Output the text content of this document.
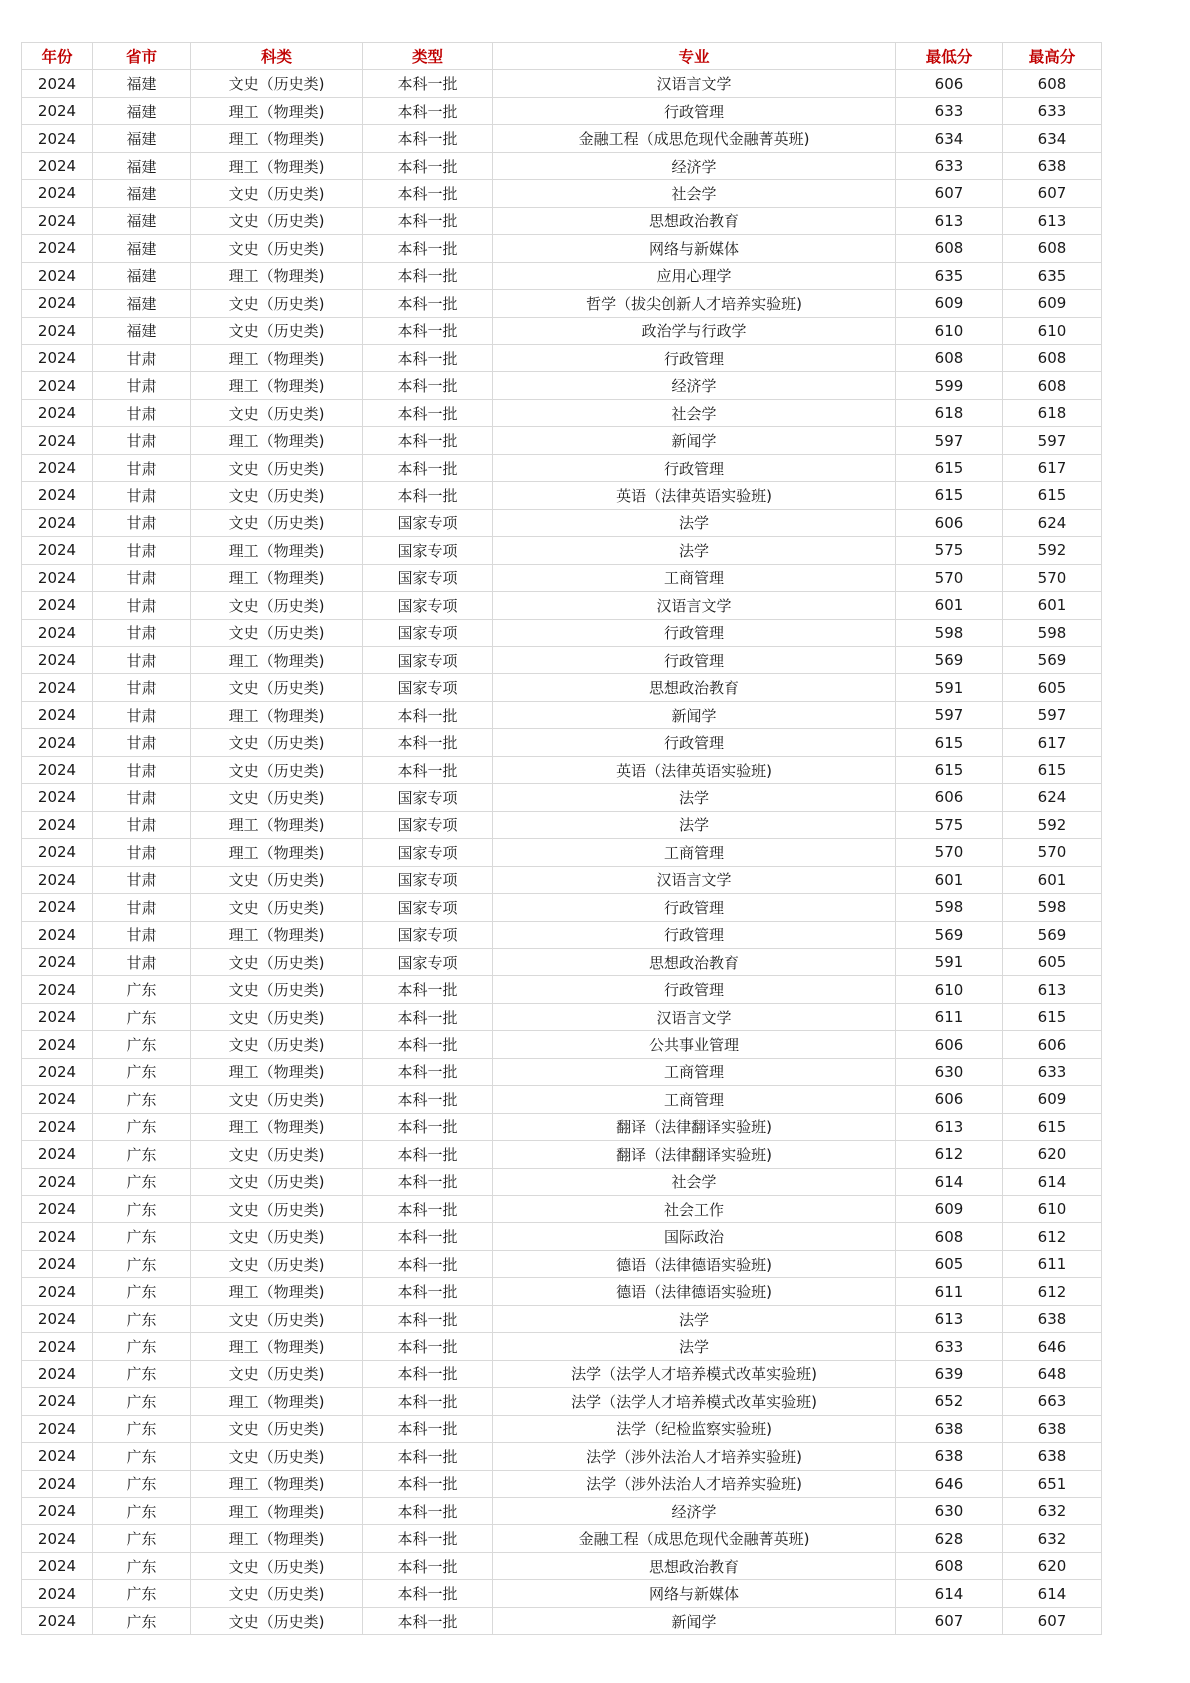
年份	省市	科类	类型	专业	最低分	最高分
2024	福建	文史（历史类)	本科一批	汉语言文学	606	608
2024	福建	理工（物理类)	本科一批	行政管理	633	633
2024	福建	理工（物理类)	本科一批	金融工程（成思危现代金融菁英班)	634	634
2024	福建	理工（物理类)	本科一批	经济学	633	638
2024	福建	文史（历史类)	本科一批	社会学	607	607
2024	福建	文史（历史类)	本科一批	思想政治教育	613	613
2024	福建	文史（历史类)	本科一批	网络与新媒体	608	608
2024	福建	理工（物理类)	本科一批	应用心理学	635	635
2024	福建	文史（历史类)	本科一批	哲学（拔尖创新人才培养实验班)	609	609
2024	福建	文史（历史类)	本科一批	政治学与行政学	610	610
2024	甘肃	理工（物理类)	本科一批	行政管理	608	608
2024	甘肃	理工（物理类)	本科一批	经济学	599	608
2024	甘肃	文史（历史类)	本科一批	社会学	618	618
2024	甘肃	理工（物理类)	本科一批	新闻学	597	597
2024	甘肃	文史（历史类)	本科一批	行政管理	615	617
2024	甘肃	文史（历史类)	本科一批	英语（法律英语实验班)	615	615
2024	甘肃	文史（历史类)	国家专项	法学	606	624
2024	甘肃	理工（物理类)	国家专项	法学	575	592
2024	甘肃	理工（物理类)	国家专项	工商管理	570	570
2024	甘肃	文史（历史类)	国家专项	汉语言文学	601	601
2024	甘肃	文史（历史类)	国家专项	行政管理	598	598
2024	甘肃	理工（物理类)	国家专项	行政管理	569	569
2024	甘肃	文史（历史类)	国家专项	思想政治教育	591	605
2024	甘肃	理工（物理类)	本科一批	新闻学	597	597
2024	甘肃	文史（历史类)	本科一批	行政管理	615	617
2024	甘肃	文史（历史类)	本科一批	英语（法律英语实验班)	615	615
2024	甘肃	文史（历史类)	国家专项	法学	606	624
2024	甘肃	理工（物理类)	国家专项	法学	575	592
2024	甘肃	理工（物理类)	国家专项	工商管理	570	570
2024	甘肃	文史（历史类)	国家专项	汉语言文学	601	601
2024	甘肃	文史（历史类)	国家专项	行政管理	598	598
2024	甘肃	理工（物理类)	国家专项	行政管理	569	569
2024	甘肃	文史（历史类)	国家专项	思想政治教育	591	605
2024	广东	文史（历史类)	本科一批	行政管理	610	613
2024	广东	文史（历史类)	本科一批	汉语言文学	611	615
2024	广东	文史（历史类)	本科一批	公共事业管理	606	606
2024	广东	理工（物理类)	本科一批	工商管理	630	633
2024	广东	文史（历史类)	本科一批	工商管理	606	609
2024	广东	理工（物理类)	本科一批	翻译（法律翻译实验班)	613	615
2024	广东	文史（历史类)	本科一批	翻译（法律翻译实验班)	612	620
2024	广东	文史（历史类)	本科一批	社会学	614	614
2024	广东	文史（历史类)	本科一批	社会工作	609	610
2024	广东	文史（历史类)	本科一批	国际政治	608	612
2024	广东	文史（历史类)	本科一批	德语（法律德语实验班)	605	611
2024	广东	理工（物理类)	本科一批	德语（法律德语实验班)	611	612
2024	广东	文史（历史类)	本科一批	法学	613	638
2024	广东	理工（物理类)	本科一批	法学	633	646
2024	广东	文史（历史类)	本科一批	法学（法学人才培养模式改革实验班)	639	648
2024	广东	理工（物理类)	本科一批	法学（法学人才培养模式改革实验班)	652	663
2024	广东	文史（历史类)	本科一批	法学（纪检监察实验班)	638	638
2024	广东	文史（历史类)	本科一批	法学（涉外法治人才培养实验班)	638	638
2024	广东	理工（物理类)	本科一批	法学（涉外法治人才培养实验班)	646	651
2024	广东	理工（物理类)	本科一批	经济学	630	632
2024	广东	理工（物理类)	本科一批	金融工程（成思危现代金融菁英班)	628	632
2024	广东	文史（历史类)	本科一批	思想政治教育	608	620
2024	广东	文史（历史类)	本科一批	网络与新媒体	614	614
2024	广东	文史（历史类)	本科一批	新闻学	607	607
